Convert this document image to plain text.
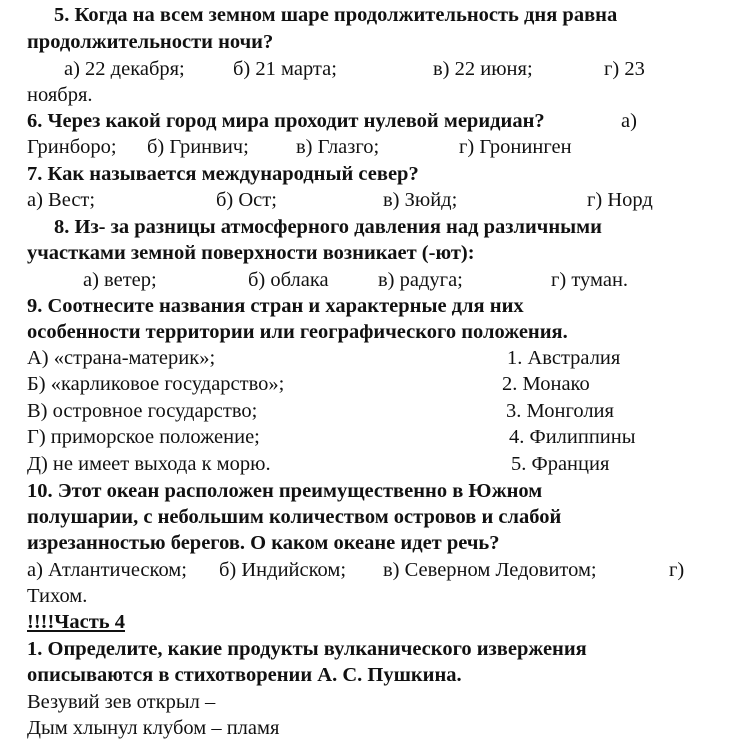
5. Когда на всем земном шаре продолжительность дня равна
продолжительности ночи?
а) 22 декабря; б) 21 марта;	в) 22 июня;	г) 23
ноября.
6. Через какой город мира проходит нулевой меридиан?	а)
Гринборо; б) Гринвич; в) Глазго;	г) Гронинген
7. Как называется международный север?
а) Вест;	б) Ост;	в) Зюйд;	г) Норд
8. Из- за разницы атмосферного давления над различными
участками земной поверхности возникает (-ют):
а) ветер;	б) облака в) радуга;	г) туман.
9. Соотнесите названия стран и характерные для них
особенности территории или географического положения.
А) «страна-материк»;	1. Австралия
Б) «карликовое государство»;	2. Монако
В) островное государство;	3. Монголия
Г) приморское положение;	4. Филиппины
Д) не имеет выхода к морю.	5. Франция
10. Этот океан расположен преимущественно в Южном
полушарии, с небольшим количеством островов и слабой
изрезанностью берегов. О каком океане идет речь?
а) Атлантическом; б) Индийском; в) Северном Ледовитом;	г)
Тихом.
!!!!Часть 4
1. Определите, какие продукты вулканического извержения
описываются в стихотворении А. С. Пушкина.
Везувий зев открыл –
Дым хлынул клубом – пламя
